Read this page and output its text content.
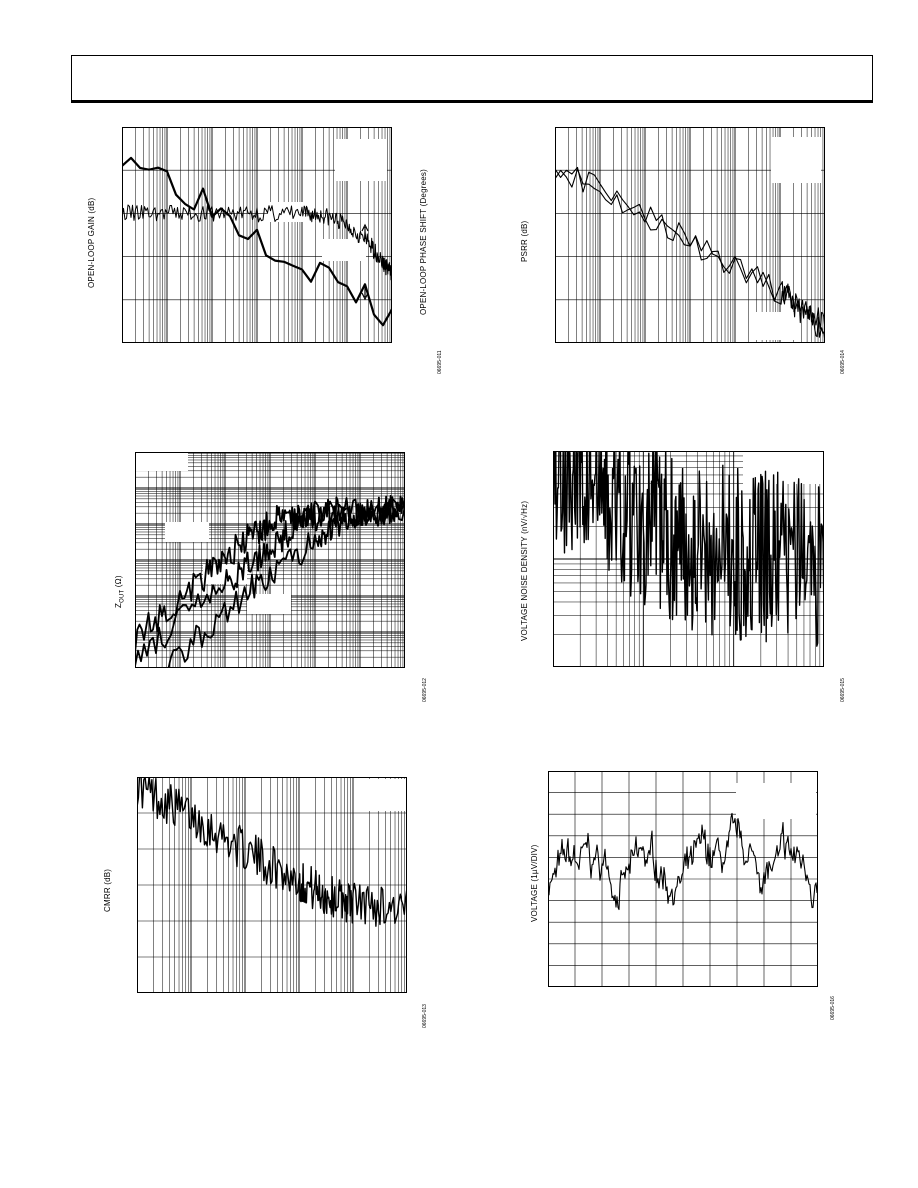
OPEN-LOOP GAIN (dB)	OPEN-LOOP PHASE SHIFT (Degrees)
06695-011
PSRR (dB)
06695-014
$Z_{OUT}$ (Ω)
06695-012
VOLTAGE NOISE DENSITY (nV/√Hz)
06695-015
CMRR (dB)
06695-013
VOLTAGE (1µV/DIV)
06695-016
